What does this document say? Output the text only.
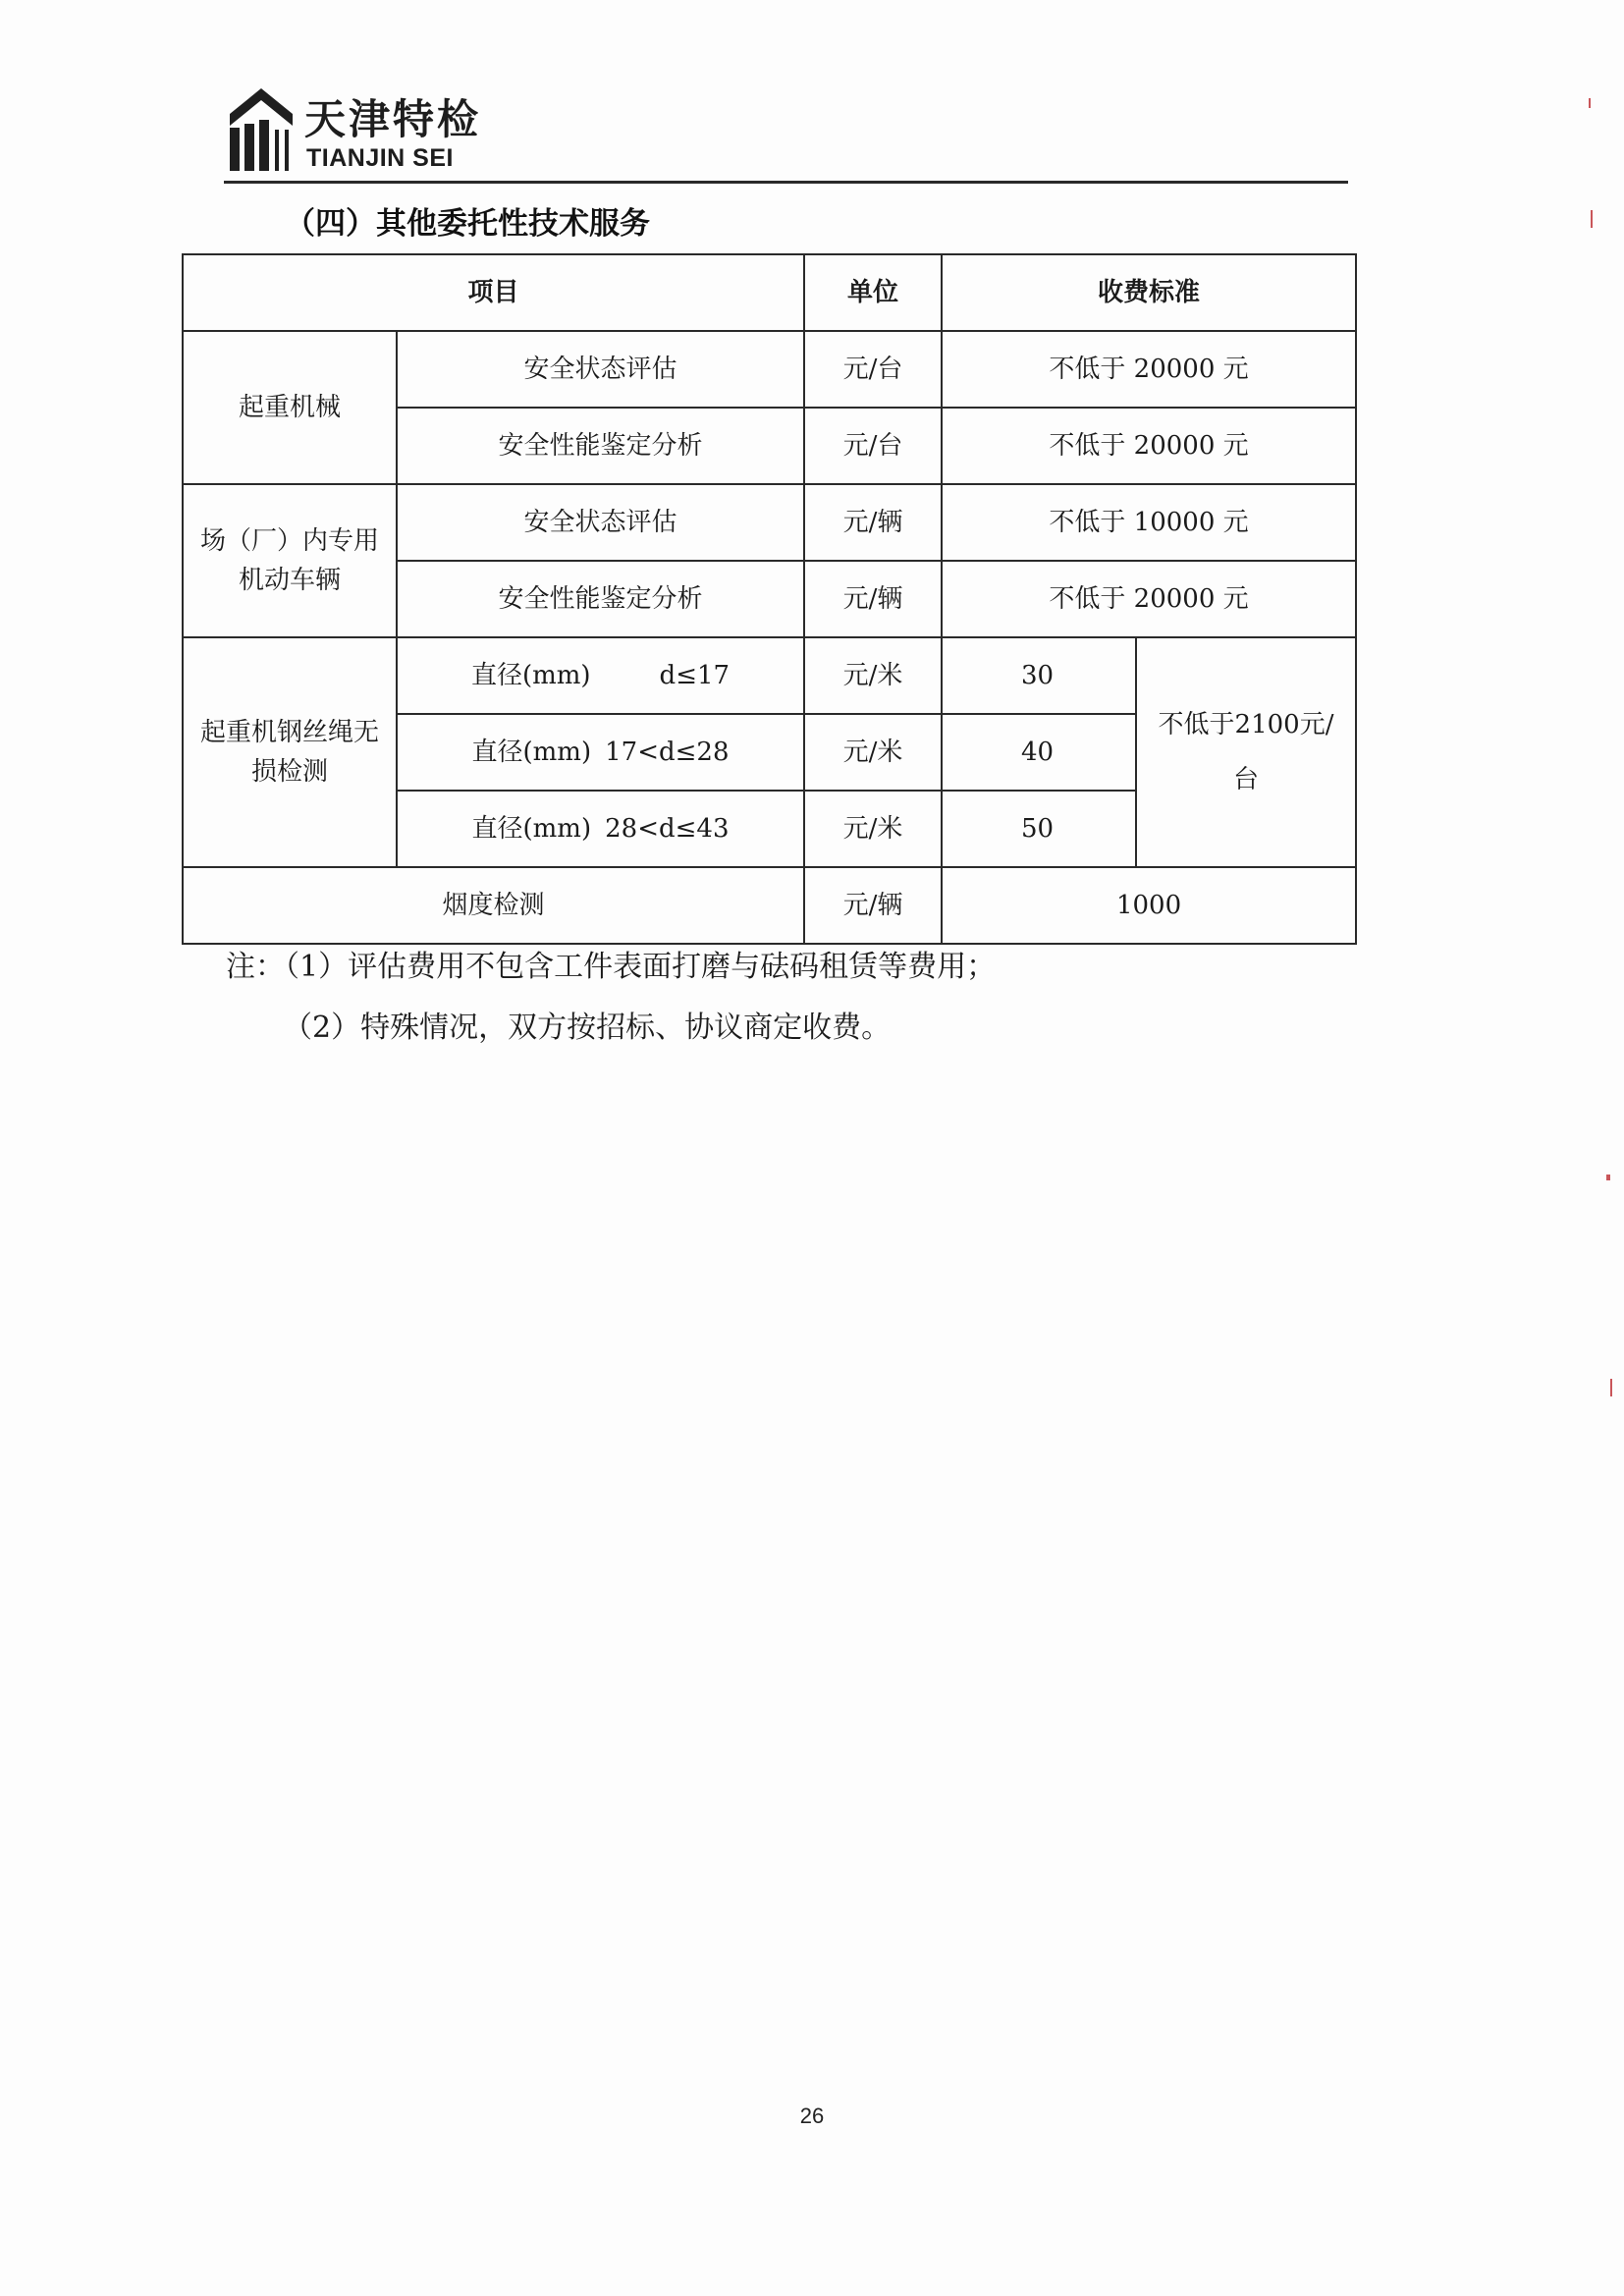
天津特检
TIANJIN SEI
（四）其他委托性技术服务
项目		单位	收费标准	
起重机械	安全状态评估	元/台	不低于 20000 元	
	安全性能鉴定分析	元/台	不低于 20000 元	
场（厂）内专用机动车辆	安全状态评估	元/辆	不低于 10000 元	
	安全性能鉴定分析	元/辆	不低于 20000 元	
起重机钢丝绳无损检测	直径(mm) d≤17	元/米	30	不低于2100元/台

	直径(mm) 17<d≤28	元/米	40	

	直径(mm) 28<d≤43	元/米	50	
烟度检测		元/辆	1000	
注：（1）评估费用不包含工件表面打磨与砝码租赁等费用；
（2）特殊情况，双方按招标、协议商定收费。
26
